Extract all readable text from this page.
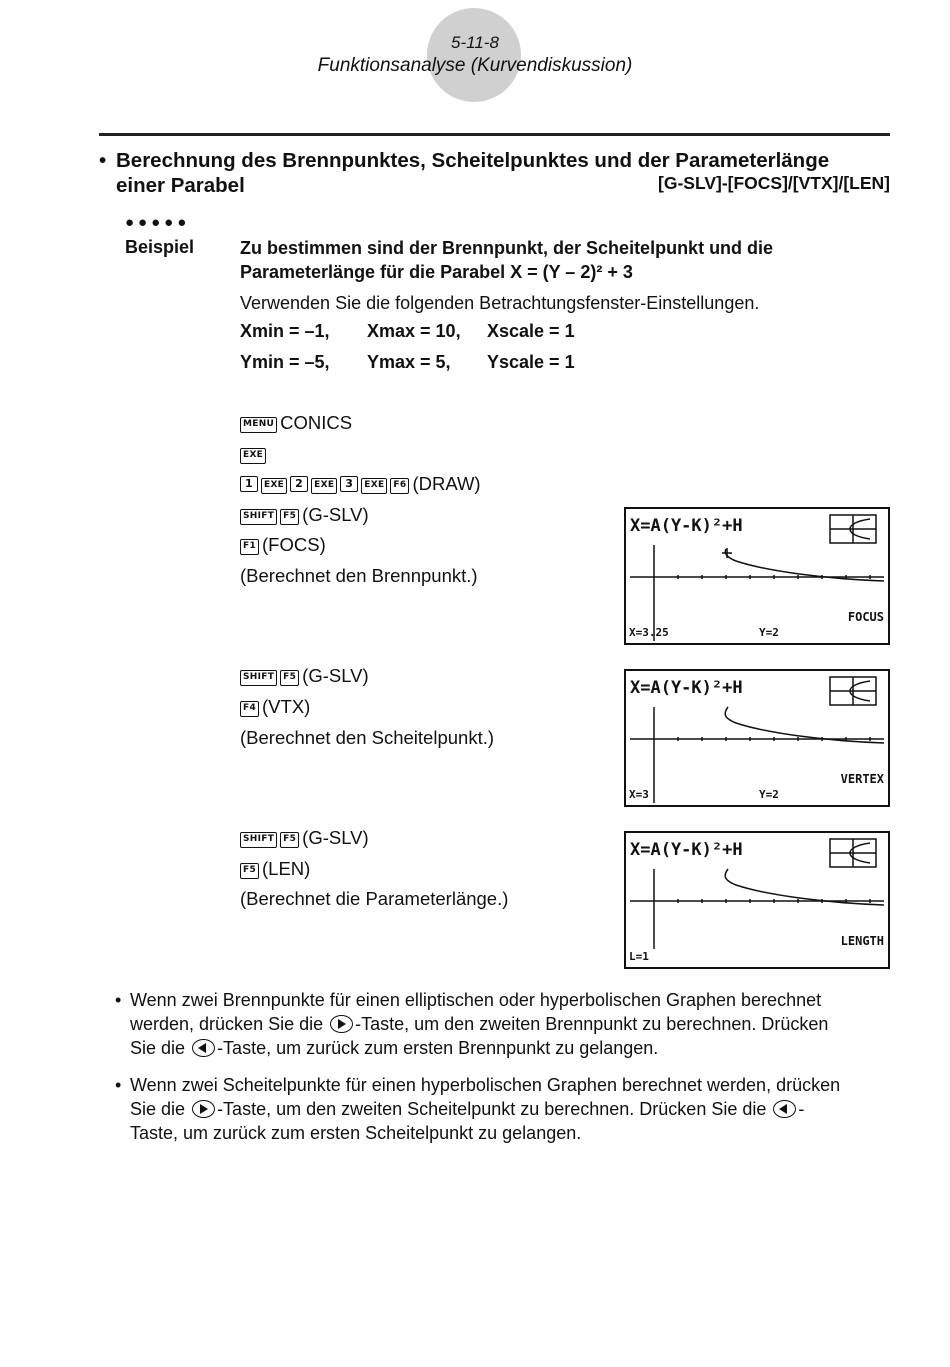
5-11-8
Funktionsanalyse (Kurvendiskussion)
• Berechnung des Brennpunktes, Scheitelpunktes und der Parameterlänge
einer Parabel	[G-SLV]-[FOCS]/[VTX]/[LEN]
●●●●●
Beispiel	Zu bestimmen sind der Brennpunkt, der Scheitelpunkt und die
Parameterlänge für die Parabel X = (Y – 2)² + 3
Verwenden Sie die folgenden Betrachtungsfenster-Einstellungen.
Xmin = –1, Xmax = 10, Xscale = 1
Ymin = –5, Ymax = 5, Yscale = 1
MENU CONICS
EXE
1 EXE 2 EXE 3 EXE F6 (DRAW)
SHIFT F5 (G-SLV)
F1 (FOCS)
(Berechnet den Brennpunkt.)
SHIFT F5 (G-SLV)
F4 (VTX)
(Berechnet den Scheitelpunkt.)
SHIFT F5 (G-SLV)
F5 (LEN)
(Berechnet die Parameterlänge.)
X=A(Y-K)²+H
FOCUS
X=3.25	Y=2
X=A(Y-K)²+H
VERTEX
X=3	Y=2
X=A(Y-K)²+H
LENGTH
L=1
• Wenn zwei Brennpunkte für einen elliptischen oder hyperbolischen Graphen berechnet
werden, drücken Sie die -Taste, um den zweiten Brennpunkt zu berechnen. Drücken
Sie die -Taste, um zurück zum ersten Brennpunkt zu gelangen.
• Wenn zwei Scheitelpunkte für einen hyperbolischen Graphen berechnet werden, drücken
Sie die -Taste, um den zweiten Scheitelpunkt zu berechnen. Drücken Sie die -
Taste, um zurück zum ersten Scheitelpunkt zu gelangen.
